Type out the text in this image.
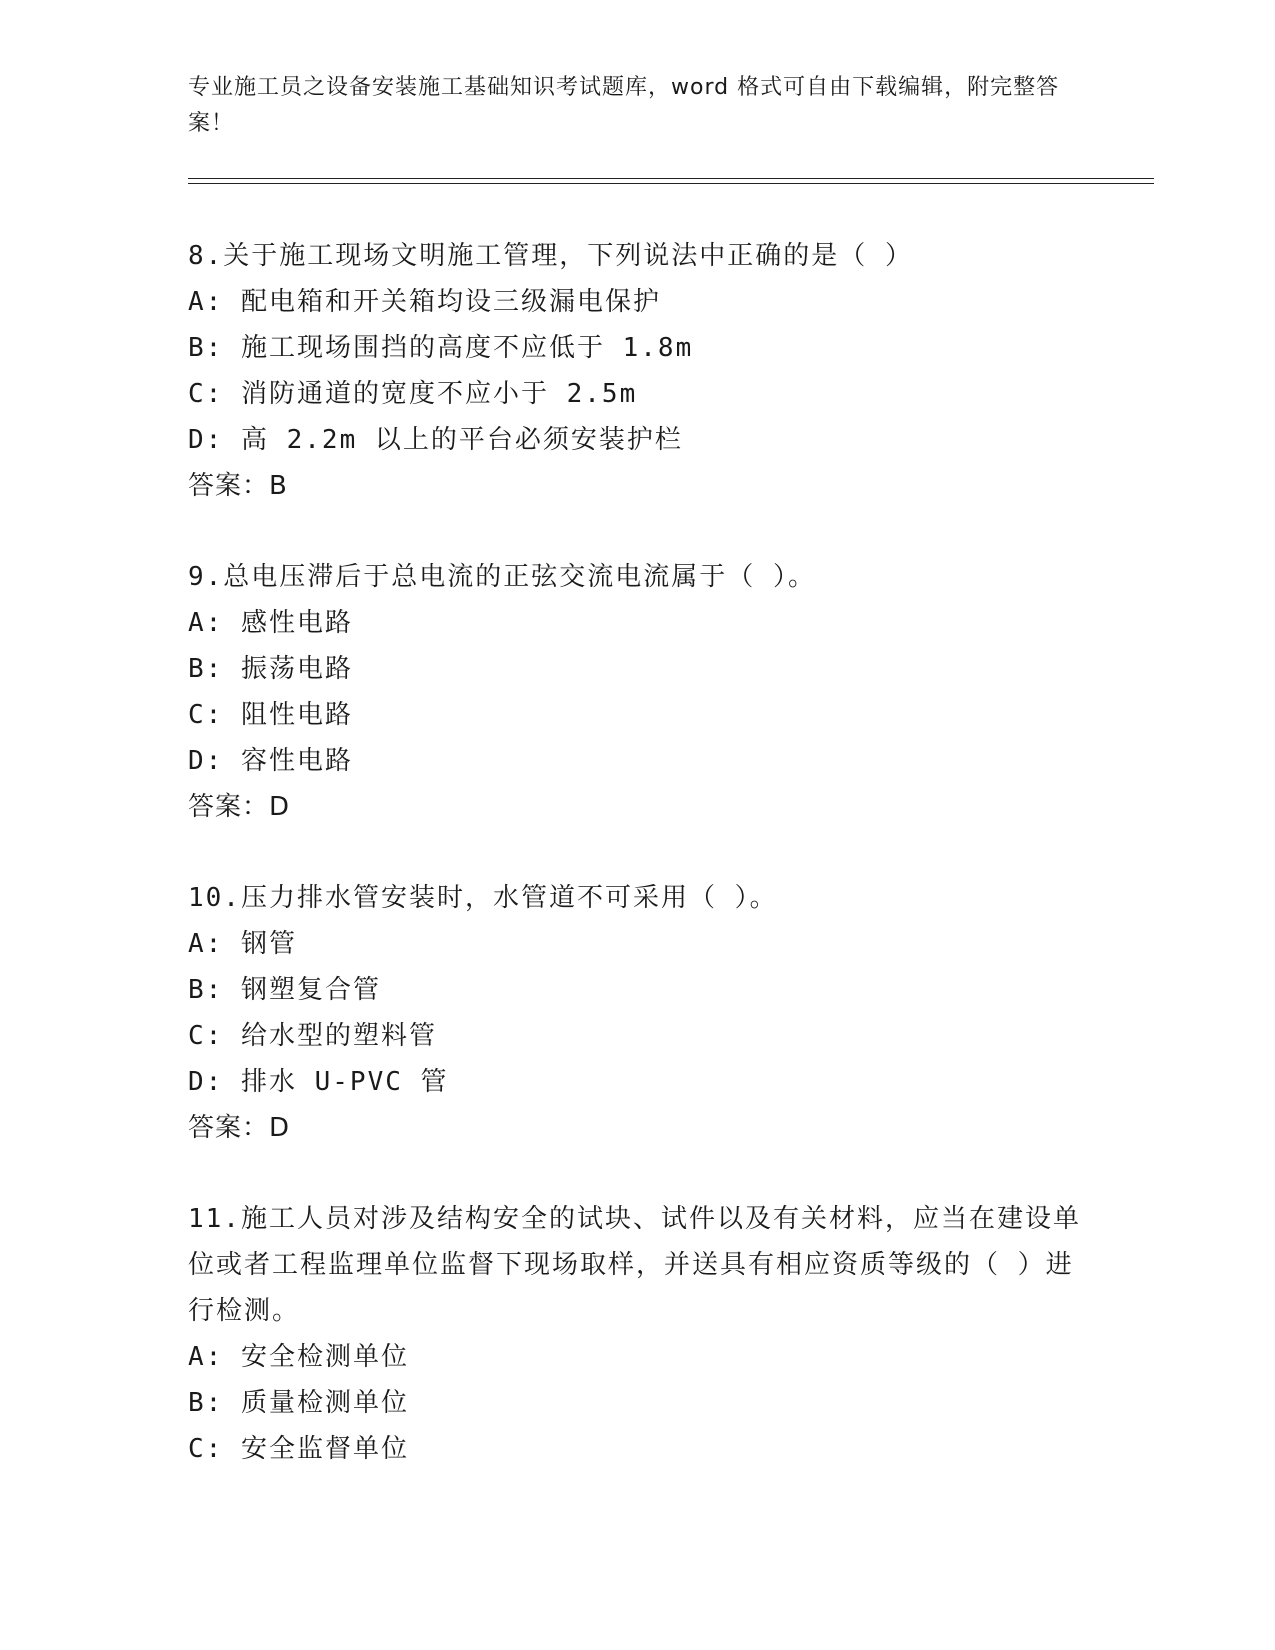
专业施工员之设备安装施工基础知识考试题库，word 格式可自由下载编辑，附完整答案！
8.关于施工现场文明施工管理，下列说法中正确的是（ ）
A: 配电箱和开关箱均设三级漏电保护
B: 施工现场围挡的高度不应低于 1.8m
C: 消防通道的宽度不应小于 2.5m
D: 高 2.2m 以上的平台必须安装护栏
答案：B
9.总电压滞后于总电流的正弦交流电流属于（ ）。
A: 感性电路
B: 振荡电路
C: 阻性电路
D: 容性电路
答案：D
10.压力排水管安装时，水管道不可采用（ ）。
A: 钢管
B: 钢塑复合管
C: 给水型的塑料管
D: 排水 U-PVC 管
答案：D
11.施工人员对涉及结构安全的试块、试件以及有关材料，应当在建设单位或者工程监理单位监督下现场取样，并送具有相应资质等级的（ ）进行检测。
A: 安全检测单位
B: 质量检测单位
C: 安全监督单位
